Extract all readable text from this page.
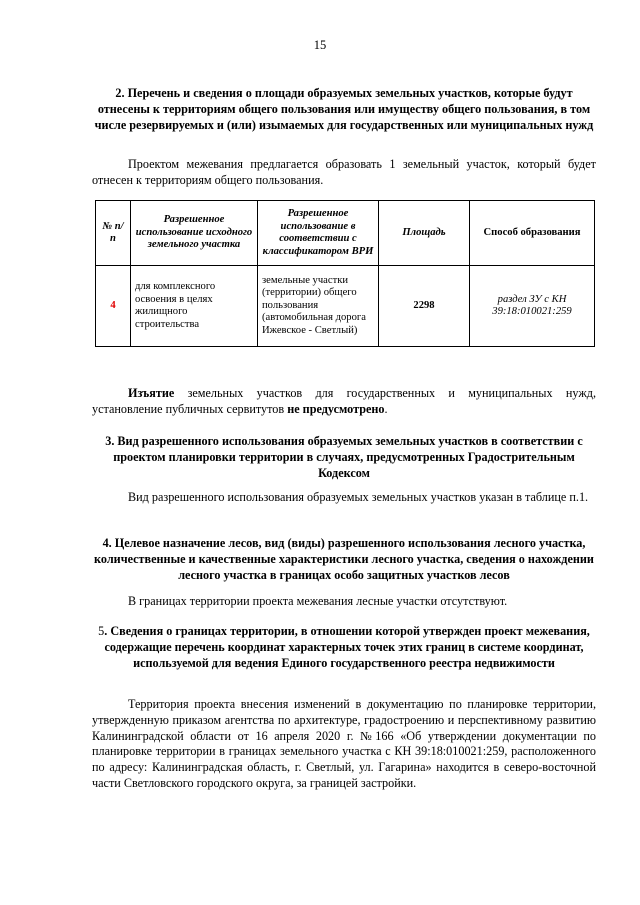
15
2. Перечень и сведения о площади образуемых земельных участков, которые будут отнесены к территориям общего пользования или имуществу общего пользования, в том числе резервируемых и (или) изымаемых для государственных или муниципальных нужд
Проектом межевания предлагается образовать 1 земельный участок, который будет отнесен к территориям общего пользования.
№ п/п	Разрешенное использование исходного земельного участка	Разрешенное использование в соответствии с классификатором ВРИ	Площадь	Способ образования
4	для комплексного освоения в целях жилищного строительства	земельные участки (территории) общего пользования (автомобильная дорога Ижевское - Светлый)	2298	раздел ЗУ с КН 39:18:010021:259
Изъятие земельных участков для государственных и муниципальных нужд, установление публичных сервитутов не предусмотрено.
3. Вид разрешенного использования образуемых земельных участков в соответствии с проектом планировки территории в случаях, предусмотренных Градострительным Кодексом
Вид разрешенного использования образуемых земельных участков указан в таблице п.1.
4. Целевое назначение лесов, вид (виды) разрешенного использования лесного участка, количественные и качественные характеристики лесного участка, сведения о нахождении лесного участка в границах особо защитных участков лесов
В границах территории проекта межевания лесные участки отсутствуют.
5. Сведения о границах территории, в отношении которой утвержден проект межевания, содержащие перечень координат характерных точек этих границ в системе координат, используемой для ведения Единого государственного реестра недвижимости
Территория проекта внесения изменений в документацию по планировке территории, утвержденную приказом агентства по архитектуре, градостроению и перспективному развитию Калининградской области от 16 апреля 2020 г. №166 «Об утверждении документации по планировке территории в границах земельного участка с КН 39:18:010021:259, расположенного по адресу: Калининградская область, г. Светлый, ул. Гагарина» находится в северо-восточной части Светловского городского округа, за границей застройки.
